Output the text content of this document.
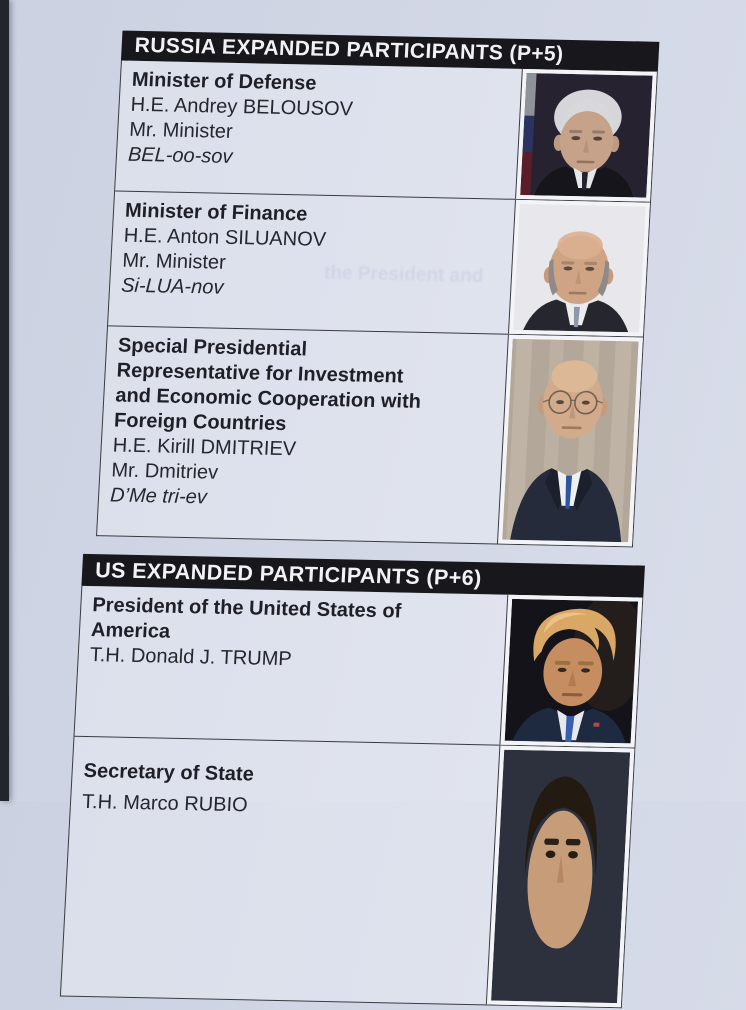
the President and
RUSSIA EXPANDED PARTICIPANTS (P+5)
Minister of Defense
H.E. Andrey BELOUSOV
Mr. Minister
BEL-oo-sov
Minister of Finance
H.E. Anton SILUANOV
Mr. Minister
Si-LUA-nov
Special Presidential
Representative for Investment
and Economic Cooperation with
Foreign Countries
H.E. Kirill DMITRIEV
Mr. Dmitriev
D’Me tri-ev
US EXPANDED PARTICIPANTS (P+6)
President of the United States of
America
T.H. Donald J. TRUMP
Secretary of State
T.H. Marco RUBIO
